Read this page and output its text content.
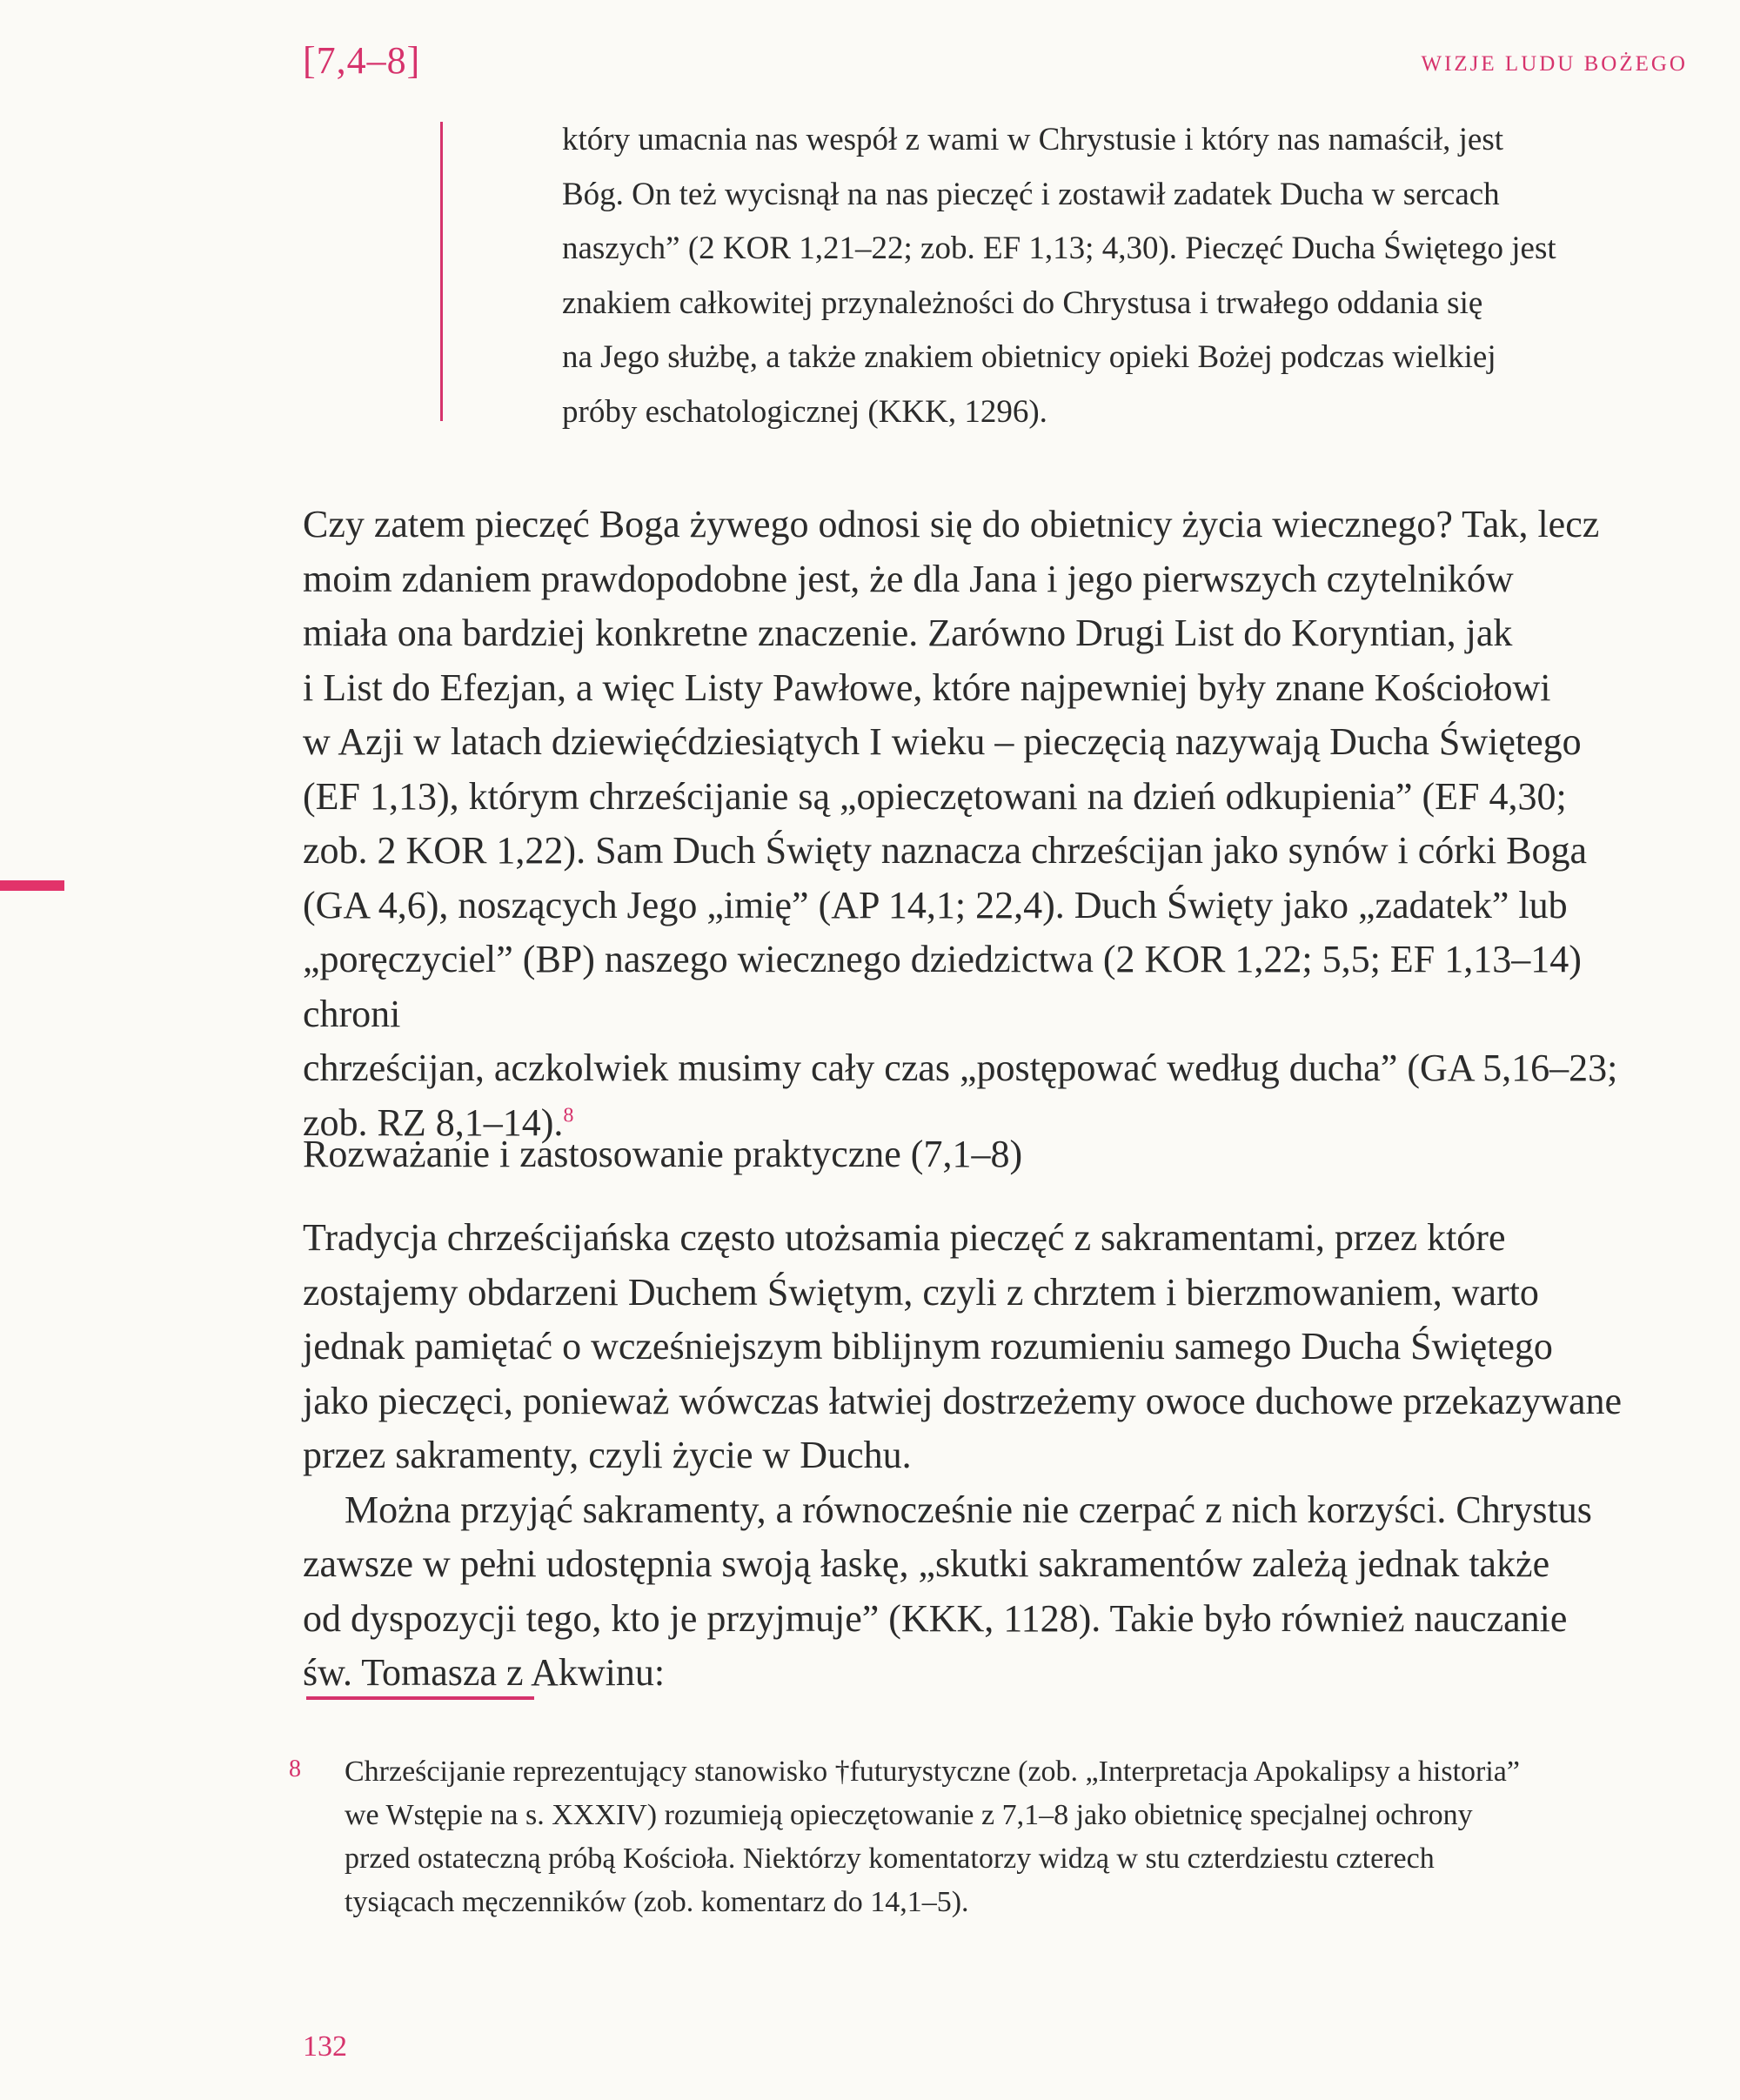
[7,4–8]	WIZJE LUDU BOŻEGO

który umacnia nas wespół z wami w Chrystusie i który nas namaścił, jest

Bóg. On też wycisnął na nas pieczęć i zostawił zadatek Ducha w sercach

naszych” (2 KOR 1,21–22; zob. EF 1,13; 4,30). Pieczęć Ducha Świętego jest

znakiem całkowitej przynależności do Chrystusa i trwałego oddania się

na Jego służbę, a także znakiem obietnicy opieki Bożej podczas wielkiej

próby eschatologicznej (KKK, 1296).

Czy zatem pieczęć Boga żywego odnosi się do obietnicy życia wiecznego? Tak, lecz

moim zdaniem prawdopodobne jest, że dla Jana i jego pierwszych czytelników

miała ona bardziej konkretne znaczenie. Zarówno Drugi List do Koryntian, jak

i List do Efezjan, a więc Listy Pawłowe, które najpewniej były znane Kościołowi

w Azji w latach dziewięćdziesiątych I wieku – pieczęcią nazywają Ducha Świętego

(EF 1,13), którym chrześcijanie są „opieczętowani na dzień odkupienia” (EF 4,30;

zob. 2 KOR 1,22). Sam Duch Święty naznacza chrześcijan jako synów i córki Boga

(GA 4,6), noszących Jego „imię” (AP 14,1; 22,4). Duch Święty jako „zadatek” lub

„poręczyciel” (BP) naszego wiecznego dziedzictwa (2 KOR 1,22; 5,5; EF 1,13–14) chroni

chrześcijan, aczkolwiek musimy cały czas „postępować według ducha” (GA 5,16–23;

zob. RZ 8,1–14).$^8$

Rozważanie i zastosowanie praktyczne (7,1–8)

Tradycja chrześcijańska często utożsamia pieczęć z sakramentami, przez które

zostajemy obdarzeni Duchem Świętym, czyli z chrztem i bierzmowaniem, warto

jednak pamiętać o wcześniejszym biblijnym rozumieniu samego Ducha Świętego

jako pieczęci, ponieważ wówczas łatwiej dostrzeżemy owoce duchowe przekazywane

przez sakramenty, czyli życie w Duchu.

Można przyjąć sakramenty, a równocześnie nie czerpać z nich korzyści. Chrystus

zawsze w pełni udostępnia swoją łaskę, „skutki sakramentów zależą jednak także

od dyspozycji tego, kto je przyjmuje” (KKK, 1128). Takie było również nauczanie

św. Tomasza z Akwinu:

8 Chrześcijanie reprezentujący stanowisko †futurystyczne (zob. „Interpretacja Apokalipsy a historia”

we Wstępie na s. XXXIV) rozumieją opieczętowanie z 7,1–8 jako obietnicę specjalnej ochrony

przed ostateczną próbą Kościoła. Niektórzy komentatorzy widzą w stu czterdziestu czterech

tysiącach męczenników (zob. komentarz do 14,1–5).

132
